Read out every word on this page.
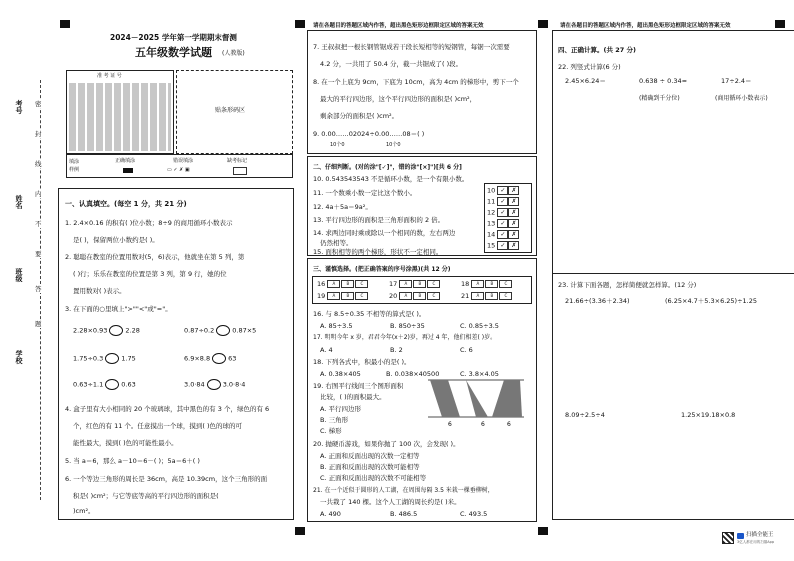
考号
姓名
班级
学校
密
封
线
内
不
要
答
题
2024－2025 学年第一学期期末督测
五年级数学试题 (人教版)
准 考 证 号
贴条形码区
填涂样例
正确填涂	错误填涂
▭ ✓ ✗ ▣
缺考标记
一、认真填空。(每空 1 分，共 21 分)
1. 2.4×0.16 的积有( )位小数；8÷9 的商用循环小数表示
是( )，保留两位小数约是( )。
2. 聪聪在教室的位置用数对(5，6)表示，他就坐在第 5 列，第
( )行；乐乐在教室的位置是第 3 列，第 9 行，她的位
置用数对( )表示。
3. 在下面的○里填上">""<"或"="。
2.28×0.93	2.28	0.87÷0.2	0.87×5
1.75÷0.3	1.75	6.9×8.8	63
0.63÷1.1	0.63	3.0·84	3.0·8·4
4. 盒子里有大小相同的 20 个玻璃球，其中黑色的有 3 个，绿色的有 6
个，红色的有 11 个。任意摸出一个球，摸到( )色的球的可
能性最大，摸到( )色的可能性最小。
5. 当 a＝6，那么 a－10＝6－( )；5a＝6＋( )
6. 一个等边三角形的周长是 36cm，高是 10.39cm，这个三角形的面
积是( )cm²；与它等底等高的平行四边形的面积是(
)cm²。
请在各题目的答题区域内作答，超出黑色矩形边框限定区域的答案无效
7. 王叔叔把一根长钢管锯成若干段长短相等的短钢管，每锯一次需要
4.2 分，一共用了 50.4 分，截一共锯成了( )段。
8. 在一个上底为 9cm，下底为 10cm，高为 4cm 的梯形中，剪下一个
最大的平行四边形，这个平行四边形的面积是( )cm²，
剩余部分的面积是( )cm²。
9. 0.00……02024÷0.00……08＝( )
10个0	10个0
二、仔细判断。(对的涂"[✓]"，错的涂"[×]")[共 6 分]
10. 0.543543543 不是循环小数，是一个有限小数。
11. 一个数乘小数一定比这个数小。
12. 4a＋5a＝9a²。
13. 平行四边形的面积是三角形面积的 2 倍。
14. 求两边同时乘或除以一个相同的数，左右两边
仍然相等。
15. 面积相等的两个梯形，形状不一定相同。
10 ✓ ✗
11 ✓ ✗
12 ✓ ✗
13 ✓ ✗
14 ✓ ✗
15 ✓ ✗
三、谨慎选择。(把正确答案的序号涂黑)(共 12 分)
16 A	B	C	17 A	B	C	18 A	B	C
19 A	B	C	20 A	B	C	21 A	B	C
16. 与 8.5÷0.35 不相等的算式是( )。
A. 85÷3.5	B. 850÷35	C. 0.85÷3.5
17. 明明今年 x 岁，君君今年(x＋2)岁，再过 4 年，他们相差( )岁。
A. 4	B. 2	C. 6
18. 下列各式中，积最小的是( )。
A. 0.38×405	B. 0.038×40500	C. 3.8×4.05
19. 右图平行线间三个图形面积
比较，( )的面积最大。
A. 平行四边形
B. 三角形
C. 梯形
6	6	6
20. 抛硬币游戏，如果你抛了 100 次，会发现( )。
A. 正面和反面出现的次数一定相等
B. 正面和反面出现的次数可能相等
C. 正面和反面出现的次数不可能相等
21. 在一个近似于圆形的人工湖，在周围每隔 3.5 米栽一棵垂柳树，
一共栽了 140 棵。这个人工湖的周长约是( )米。
A. 490	B. 486.5	C. 493.5
请在各题目的答题区域内作答，超出黑色矩形边框限定区域的答案无效
四、正确计算。(共 27 分)
22. 列竖式计算(6 分)
2.45×6.24＝	0.638 ÷ 0.34≈	17÷2.4＝
(精确到千分位)	(商用循环小数表示)
23. 计算下面各题，怎样简便就怎样算。(12 分)
21.66÷(3.36＋2.34)	(6.25×4.7＋5.3×6.25)÷1.25
8.09÷2.5÷4	1.25×19.18×0.8
扫描全能王
3亿人都在用的扫描App
